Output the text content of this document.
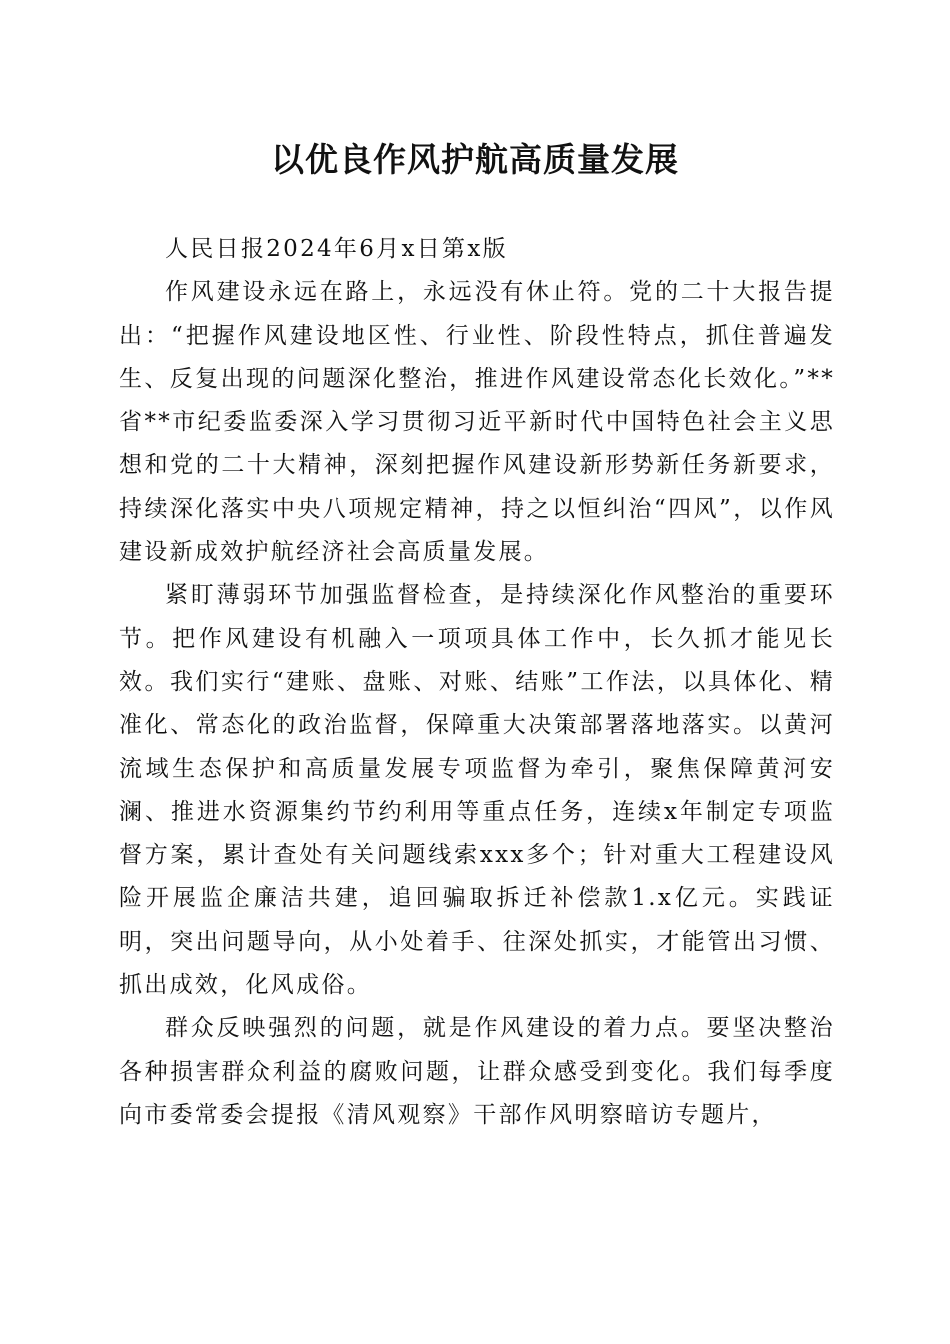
以优良作风护航高质量发展

人民日报2024年6月x日第x版

作风建设永远在路上，永远没有休止符。党的二十大报告提出：“把握作风建设地区性、行业性、阶段性特点，抓住普遍发生、反复出现的问题深化整治，推进作风建设常态化长效化。”**省**市纪委监委深入学习贯彻习近平新时代中国特色社会主义思想和党的二十大精神，深刻把握作风建设新形势新任务新要求，持续深化落实中央八项规定精神，持之以恒纠治“四风”，以作风建设新成效护航经济社会高质量发展。

紧盯薄弱环节加强监督检查，是持续深化作风整治的重要环节。把作风建设有机融入一项项具体工作中，长久抓才能见长效。我们实行“建账、盘账、对账、结账”工作法，以具体化、精准化、常态化的政治监督，保障重大决策部署落地落实。以黄河流域生态保护和高质量发展专项监督为牵引，聚焦保障黄河安澜、推进水资源集约节约利用等重点任务，连续x年制定专项监督方案，累计查处有关问题线索xxx多个；针对重大工程建设风险开展监企廉洁共建，追回骗取拆迁补偿款1.x亿元。实践证明，突出问题导向，从小处着手、往深处抓实，才能管出习惯、抓出成效，化风成俗。

群众反映强烈的问题，就是作风建设的着力点。要坚决整治各种损害群众利益的腐败问题，让群众感受到变化。我们每季度向市委常委会提报《清风观察》干部作风明察暗访专题片，
